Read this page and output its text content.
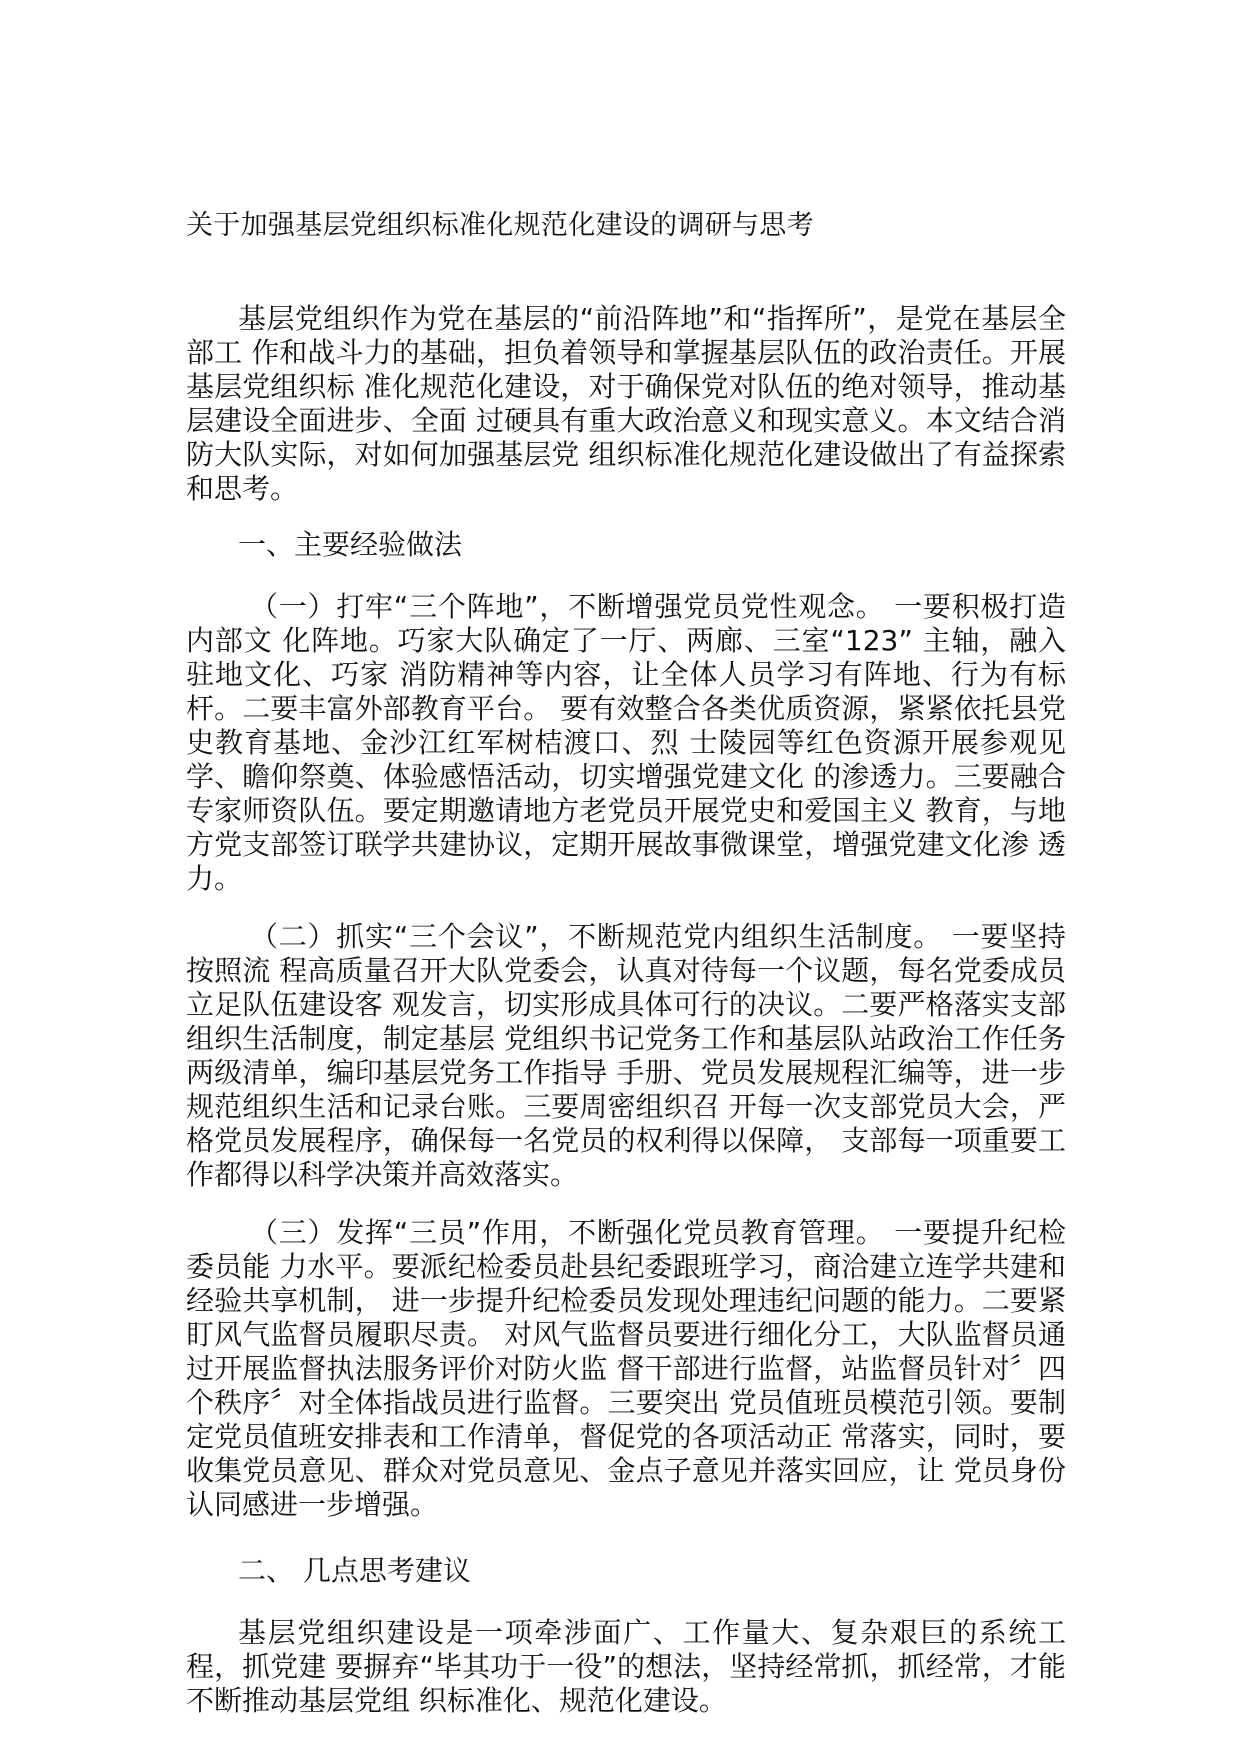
关于加强基层党组织标准化规范化建设的调研与思考

基层党组织作为党在基层的“前沿阵地”和“指挥所”，是党在基层全部工 作和战斗力的基础，担负着领导和掌握基层队伍的政治责任。开展基层党组织标 准化规范化建设，对于确保党对队伍的绝对领导，推动基层建设全面进步、全面 过硬具有重大政治意义和现实意义。本文结合消防大队实际，对如何加强基层党 组织标准化规范化建设做出了有益探索和思考。

一、主要经验做法

（一）打牢“三个阵地”，不断增强党员党性观念。 一要积极打造内部文 化阵地。巧家大队确定了一厅、两廊、三室“123” 主轴，融入驻地文化、巧家 消防精神等内容，让全体人员学习有阵地、行为有标杆。二要丰富外部教育平台。 要有效整合各类优质资源，紧紧依托县党史教育基地、金沙江红军树桔渡口、烈 士陵园等红色资源开展参观见学、瞻仰祭奠、体验感悟活动，切实增强党建文化 的渗透力。三要融合专家师资队伍。要定期邀请地方老党员开展党史和爱国主义 教育，与地方党支部签订联学共建协议，定期开展故事微课堂，增强党建文化渗 透力。

（二）抓实“三个会议”，不断规范党内组织生活制度。 一要坚持按照流 程高质量召开大队党委会，认真对待每一个议题，每名党委成员立足队伍建设客 观发言，切实形成具体可行的决议。二要严格落实支部组织生活制度，制定基层 党组织书记党务工作和基层队站政治工作任务两级清单，编印基层党务工作指导 手册、党员发展规程汇编等，进一步规范组织生活和记录台账。三要周密组织召 开每一次支部党员大会，严格党员发展程序，确保每一名党员的权利得以保障， 支部每一项重要工作都得以科学决策并高效落实。

（三）发挥“三员”作用，不断强化党员教育管理。 一要提升纪检委员能 力水平。要派纪检委员赴县纪委跟班学习，商洽建立连学共建和经验共享机制， 进一步提升纪检委员发现处理违纪问题的能力。二要紧盯风气监督员履职尽责。 对风气监督员要进行细化分工，大队监督员通过开展监督执法服务评价对防火监 督干部进行监督，站监督员针对〞四个秩序〞对全体指战员进行监督。三要突出 党员值班员模范引领。要制定党员值班安排表和工作清单，督促党的各项活动正 常落实，同时，要收集党员意见、群众对党员意见、金点子意见并落实回应，让 党员身份认同感进一步增强。

二、 几点思考建议

基层党组织建设是一项牵涉面广、工作量大、复杂艰巨的系统工程，抓党建 要摒弃“毕其功于一役”的想法，坚持经常抓，抓经常，才能不断推动基层党组 织标准化、规范化建设。
